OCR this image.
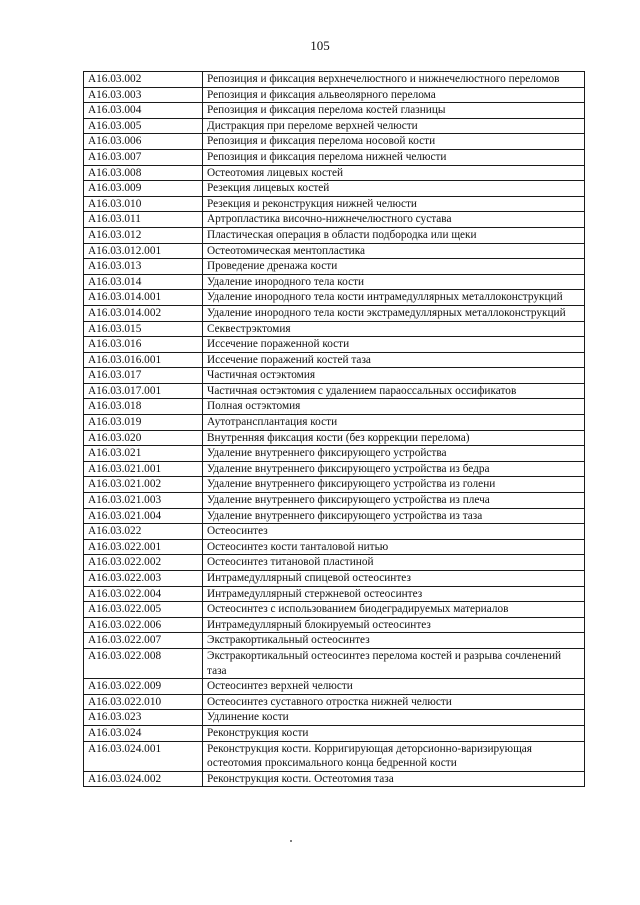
105
A16.03.002	Репозиция и фиксация верхнечелюстного и нижнечелюстного переломов
A16.03.003	Репозиция и фиксация альвеолярного перелома
A16.03.004	Репозиция и фиксация перелома костей глазницы
A16.03.005	Дистракция при переломе верхней челюсти
A16.03.006	Репозиция и фиксация перелома носовой кости
A16.03.007	Репозиция и фиксация перелома нижней челюсти
A16.03.008	Остеотомия лицевых костей
A16.03.009	Резекция лицевых костей
A16.03.010	Резекция и реконструкция нижней челюсти
A16.03.011	Артропластика височно-нижнечелюстного сустава
A16.03.012	Пластическая операция в области подбородка или щеки
A16.03.012.001	Остеотомическая ментопластика
A16.03.013	Проведение дренажа кости
A16.03.014	Удаление инородного тела кости
A16.03.014.001	Удаление инородного тела кости интрамедуллярных металлоконструкций
A16.03.014.002	Удаление инородного тела кости экстрамедуллярных металлоконструкций
A16.03.015	Секвестрэктомия
A16.03.016	Иссечение пораженной кости
A16.03.016.001	Иссечение поражений костей таза
A16.03.017	Частичная остэктомия
A16.03.017.001	Частичная остэктомия с удалением параоссальных оссификатов
A16.03.018	Полная остэктомия
A16.03.019	Аутотрансплантация кости
A16.03.020	Внутренняя фиксация кости (без коррекции перелома)
A16.03.021	Удаление внутреннего фиксирующего устройства
A16.03.021.001	Удаление внутреннего фиксирующего устройства из бедра
A16.03.021.002	Удаление внутреннего фиксирующего устройства из голени
A16.03.021.003	Удаление внутреннего фиксирующего устройства из плеча
A16.03.021.004	Удаление внутреннего фиксирующего устройства из таза
A16.03.022	Остеосинтез
A16.03.022.001	Остеосинтез кости танталовой нитью
A16.03.022.002	Остеосинтез титановой пластиной
A16.03.022.003	Интрамедуллярный спицевой остеосинтез
A16.03.022.004	Интрамедуллярный стержневой остеосинтез
A16.03.022.005	Остеосинтез с использованием биодеградируемых материалов
A16.03.022.006	Интрамедуллярный блокируемый остеосинтез
A16.03.022.007	Экстракортикальный остеосинтез
A16.03.022.008	Экстракортикальный остеосинтез перелома костей и разрыва сочленений таза
A16.03.022.009	Остеосинтез верхней челюсти
A16.03.022.010	Остеосинтез суставного отростка нижней челюсти
A16.03.023	Удлинение кости
A16.03.024	Реконструкция кости
A16.03.024.001	Реконструкция кости. Корригирующая деторсионно-варизирующая остеотомия проксимального конца бедренной кости
A16.03.024.002	Реконструкция кости. Остеотомия таза
